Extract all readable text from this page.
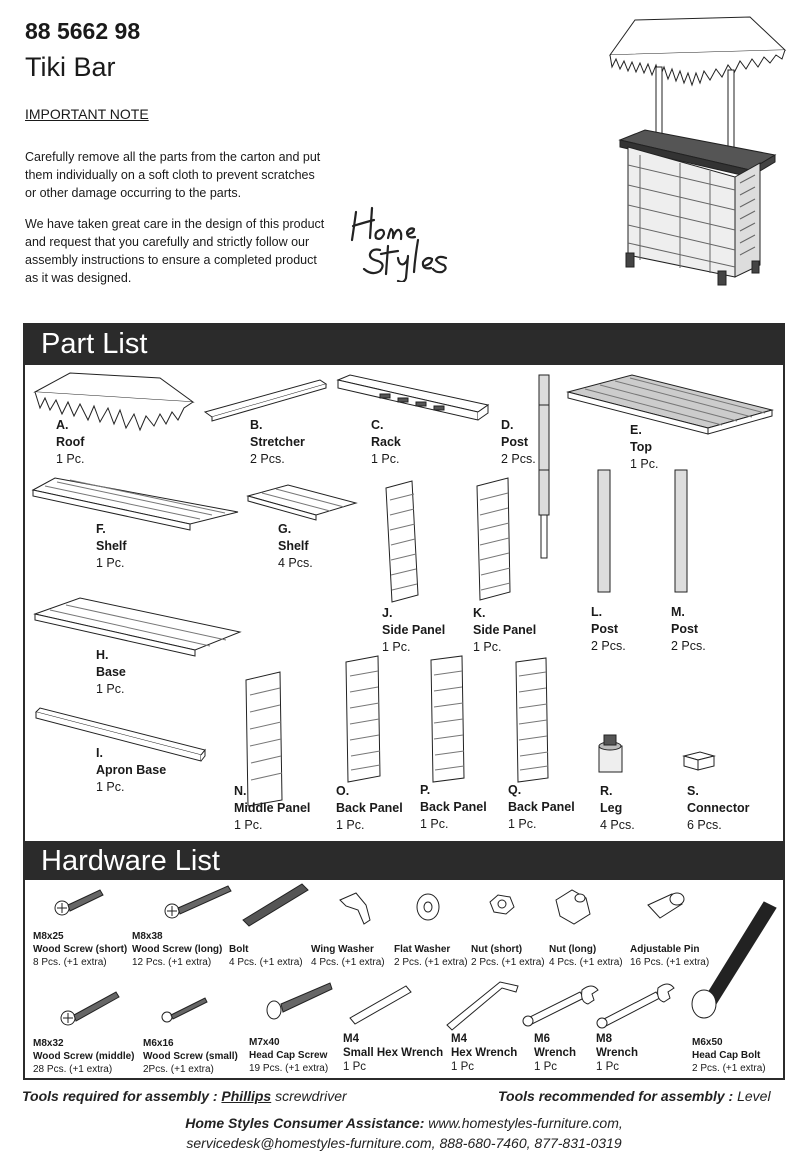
88 5662 98
Tiki Bar
IMPORTANT NOTE
Carefully remove all the parts from the carton and put them individually on a soft cloth to prevent scratches or other damage occurring to the parts.
We have taken great care in the design of this product and request that you carefully and strictly follow our assembly instructions to ensure a completed product as it was designed.
Part List
A.
Roof
1 Pc.
B.
Stretcher
2 Pcs.
C.
Rack
1 Pc.
D.
Post
2 Pcs.
E.
Top
1 Pc.
F.
Shelf
1 Pc.
G.
Shelf
4 Pcs.
J.
Side Panel
1 Pc.
K.
Side Panel
1 Pc.
L.
Post
2 Pcs.
M.
Post
2 Pcs.
H.
Base
1 Pc.
I.
Apron Base
1 Pc.	N.
Middle Panel
1 Pc.
O.
Back Panel
1 Pc.
P.
Back Panel
1 Pc.
Q.
Back Panel
1 Pc.
R.
Leg
4 Pcs.
S.
Connector
6 Pcs.
Hardware List
M8x25
Wood Screw (short)
8 Pcs. (+1 extra)
M8x38
Wood Screw (long)
12 Pcs. (+1 extra)
Bolt
4 Pcs. (+1 extra)
Wing Washer
4 Pcs. (+1 extra)
Flat Washer
2 Pcs. (+1 extra)
Nut (short)
2 Pcs. (+1 extra)
Nut (long)
4 Pcs. (+1 extra)
Adjustable Pin
16 Pcs. (+1 extra)
M8x32
Wood Screw (middle)
28 Pcs. (+1 extra)
M6x16
Wood Screw (small)
2Pcs. (+1 extra)
M7x40
Head Cap Screw
19 Pcs. (+1 extra)
M4
Small Hex Wrench
1 Pc
M4
Hex Wrench
1 Pc
M6
Wrench
1 Pc
M8
Wrench
1 Pc
M6x50
Head Cap Bolt
2 Pcs. (+1 extra)
Tools required for assembly : Phillips screwdriver	Tools recommended for assembly : Level
Home Styles Consumer Assistance: www.homestyles-furniture.com,
servicedesk@homestyles-furniture.com, 888-680-7460, 877-831-0319
